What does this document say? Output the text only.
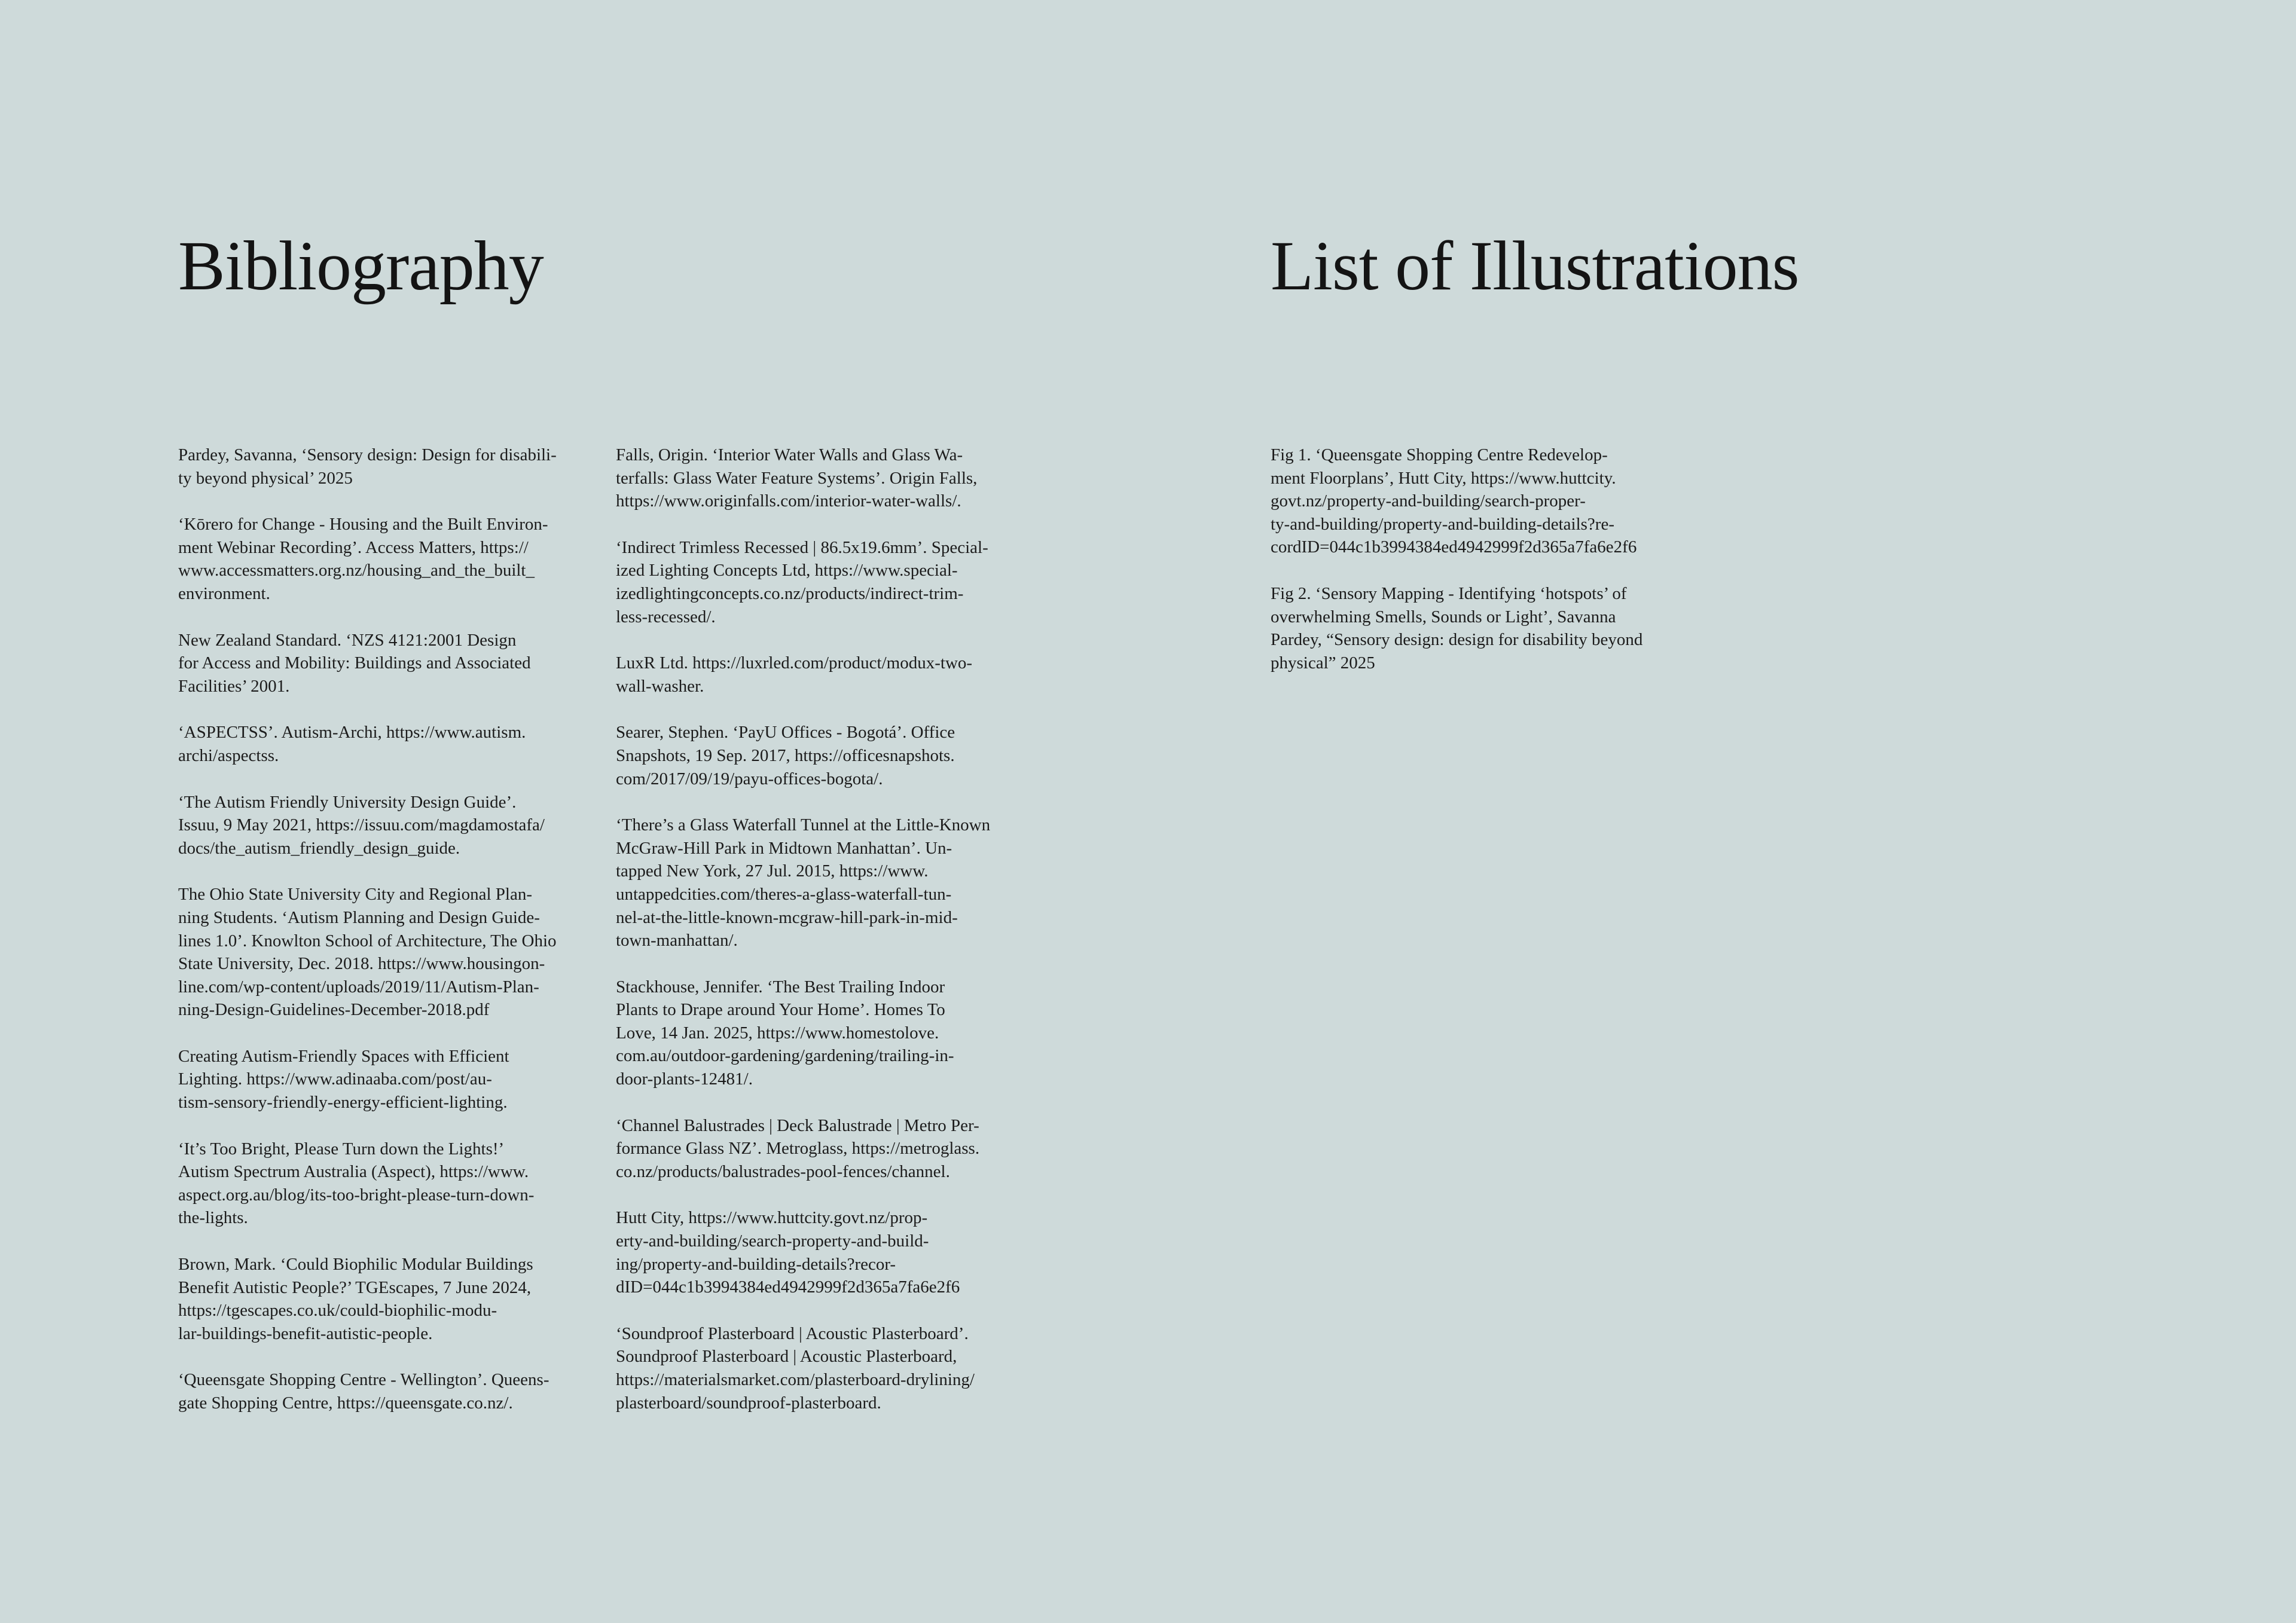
Bibliography	List of Illustrations

Pardey, Savanna, ‘Sensory design: Design for disabili-
ty beyond physical’ 2025

‘Kōrero for Change - Housing and the Built Environ-
ment Webinar Recording’. Access Matters, https://
www.accessmatters.org.nz/housing_and_the_built_
environment.

New Zealand Standard. ‘NZS 4121:2001 Design
for Access and Mobility: Buildings and Associated
Facilities’ 2001.

‘ASPECTSS’. Autism-Archi, https://www.autism.
archi/aspectss.

‘The Autism Friendly University Design Guide’.
Issuu, 9 May 2021, https://issuu.com/magdamostafa/
docs/the_autism_friendly_design_guide.

The Ohio State University City and Regional Plan-
ning Students. ‘Autism Planning and Design Guide-
lines 1.0’. Knowlton School of Architecture, The Ohio
State University, Dec. 2018. https://www.housingon-
line.com/wp-content/uploads/2019/11/Autism-Plan-
ning-Design-Guidelines-December-2018.pdf

Creating Autism-Friendly Spaces with Efficient
Lighting. https://www.adinaaba.com/post/au-
tism-sensory-friendly-energy-efficient-lighting.

‘It’s Too Bright, Please Turn down the Lights!’
Autism Spectrum Australia (Aspect), https://www.
aspect.org.au/blog/its-too-bright-please-turn-down-
the-lights.

Brown, Mark. ‘Could Biophilic Modular Buildings
Benefit Autistic People?’ TGEscapes, 7 June 2024,
https://tgescapes.co.uk/could-biophilic-modu-
lar-buildings-benefit-autistic-people.

‘Queensgate Shopping Centre - Wellington’. Queens-
gate Shopping Centre, https://queensgate.co.nz/.

Falls, Origin. ‘Interior Water Walls and Glass Wa-
terfalls: Glass Water Feature Systems’. Origin Falls,
https://www.originfalls.com/interior-water-walls/.

‘Indirect Trimless Recessed | 86.5x19.6mm’. Special-
ized Lighting Concepts Ltd, https://www.special-
izedlightingconcepts.co.nz/products/indirect-trim-
less-recessed/.

LuxR Ltd. https://luxrled.com/product/modux-two-
wall-washer.

Searer, Stephen. ‘PayU Offices - Bogotá’. Office
Snapshots, 19 Sep. 2017, https://officesnapshots.
com/2017/09/19/payu-offices-bogota/.

‘There’s a Glass Waterfall Tunnel at the Little-Known
McGraw-Hill Park in Midtown Manhattan’. Un-
tapped New York, 27 Jul. 2015, https://www.
untappedcities.com/theres-a-glass-waterfall-tun-
nel-at-the-little-known-mcgraw-hill-park-in-mid-
town-manhattan/.

Stackhouse, Jennifer. ‘The Best Trailing Indoor
Plants to Drape around Your Home’. Homes To
Love, 14 Jan. 2025, https://www.homestolove.
com.au/outdoor-gardening/gardening/trailing-in-
door-plants-12481/.

‘Channel Balustrades | Deck Balustrade | Metro Per-
formance Glass NZ’. Metroglass, https://metroglass.
co.nz/products/balustrades-pool-fences/channel.

Hutt City, https://www.huttcity.govt.nz/prop-
erty-and-building/search-property-and-build-
ing/property-and-building-details?recor-
dID=044c1b3994384ed4942999f2d365a7fa6e2f6

‘Soundproof Plasterboard | Acoustic Plasterboard’.
Soundproof Plasterboard | Acoustic Plasterboard,
https://materialsmarket.com/plasterboard-drylining/
plasterboard/soundproof-plasterboard.

Fig 1. ‘Queensgate Shopping Centre Redevelop-
ment Floorplans’, Hutt City, https://www.huttcity.
govt.nz/property-and-building/search-proper-
ty-and-building/property-and-building-details?re-
cordID=044c1b3994384ed4942999f2d365a7fa6e2f6

Fig 2. ‘Sensory Mapping - Identifying ‘hotspots’ of
overwhelming Smells, Sounds or Light’, Savanna
Pardey, “Sensory design: design for disability beyond
physical” 2025
